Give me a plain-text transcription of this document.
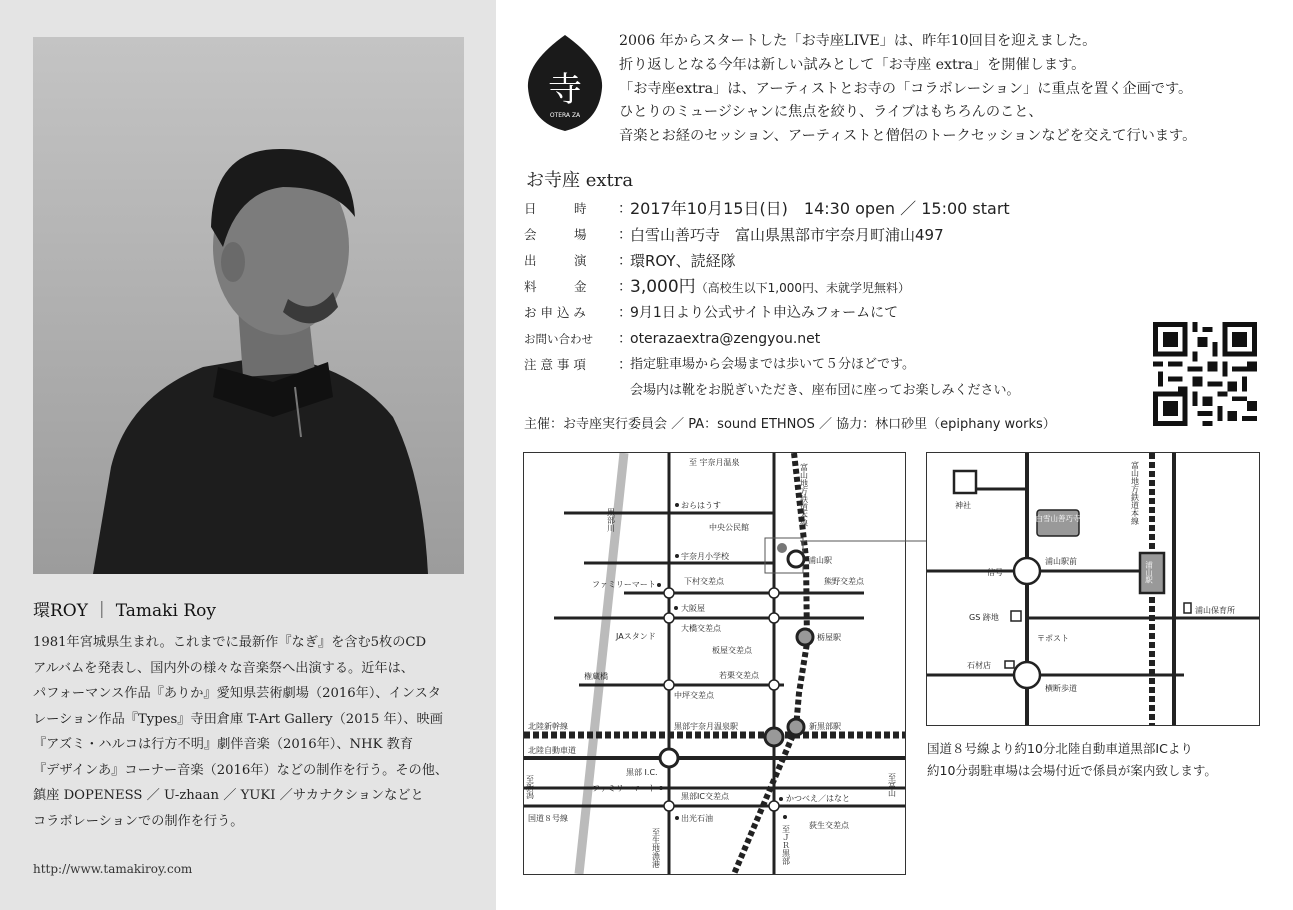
環ROY ｜ Tamaki Roy
1981年宮城県生まれ。これまでに最新作『なぎ』を含む5枚のCD
アルバムを発表し、国内外の様々な音楽祭へ出演する。近年は、
パフォーマンス作品『ありか』愛知県芸術劇場（2016年）、インスタ
レーション作品『Types』寺田倉庫 T-Art Gallery（2015 年）、映画
『アズミ・ハルコは行方不明』劇伴音楽（2016年）、NHK 教育
『デザインあ』コーナー音楽（2016年）などの制作を行う。その他、
鎮座 DOPENESS ／ U-zhaan ／ YUKI ／サカナクションなどと
コラボレーションでの制作を行う。
http://www.tamakiroy.com
寺
OTERA ZA
2006 年からスタートした「お寺座LIVE」は、昨年10回目を迎えました。
折り返しとなる今年は新しい試みとして「お寺座 extra」を開催します。
「お寺座extra」は、アーティストとお寺の「コラボレーション」に重点を置く企画です。
ひとりのミュージシャンに焦点を絞り、ライブはもちろんのこと、
音楽とお経のセッション、アーティストと僧侶のトークセッションなどを交えて行います。
お寺座 extra
日　　　時	：
2017年10月15日(日)　14:30 open ／ 15:00 start
会　　　場	：
白雪山善巧寺　富山県黒部市宇奈月町浦山497
出　　　演	：
環ROY、読経隊
料　　　金	：
3,000円（高校生以下1,000円、未就学児無料）
お 申 込 み	：
9月1日より公式サイト申込みフォームにて
お問い合わせ	：
oterazaextra@zengyou.net
注 意 事 項	：
指定駐車場から会場までは歩いて５分ほどです。
会場内は靴をお脱ぎいただき、座布団に座ってお楽しみください。
主催：お寺座実行委員会 ／ PA：sound ETHNOS ／ 協力：林口砂里（epiphany works）
至 宇奈月温泉
黒部川	富山地方鉄道本線
おらはうす
中央公民館
宇奈月小学校	浦山駅
ファミリーマート	下村交差点	熊野交差点
大阪屋
JAスタンド
大橋交差点
板屋交差点
栃屋駅
権蔵橋	若栗交差点
中坪交差点
北陸新幹線	黒部宇奈月温泉駅	新黒部駅
北陸自動車道
至新潟
黒部 I.C.
ファミリーマート
黒部IC交差点	かつべえ／はなと
至富山
国道８号線	出光石油
至生地漁港	至ＪＲ黒部 荻生交差点
神社
白雪山善巧寺	富山地方鉄道本線
浦山駅前
信号	浦山駅
GS 跡地
浦山保育所
〒ポスト
石材店
横断歩道
国道８号線より約10分北陸自動車道黒部ICより
約10分弱駐車場は会場付近で係員が案内致します。
